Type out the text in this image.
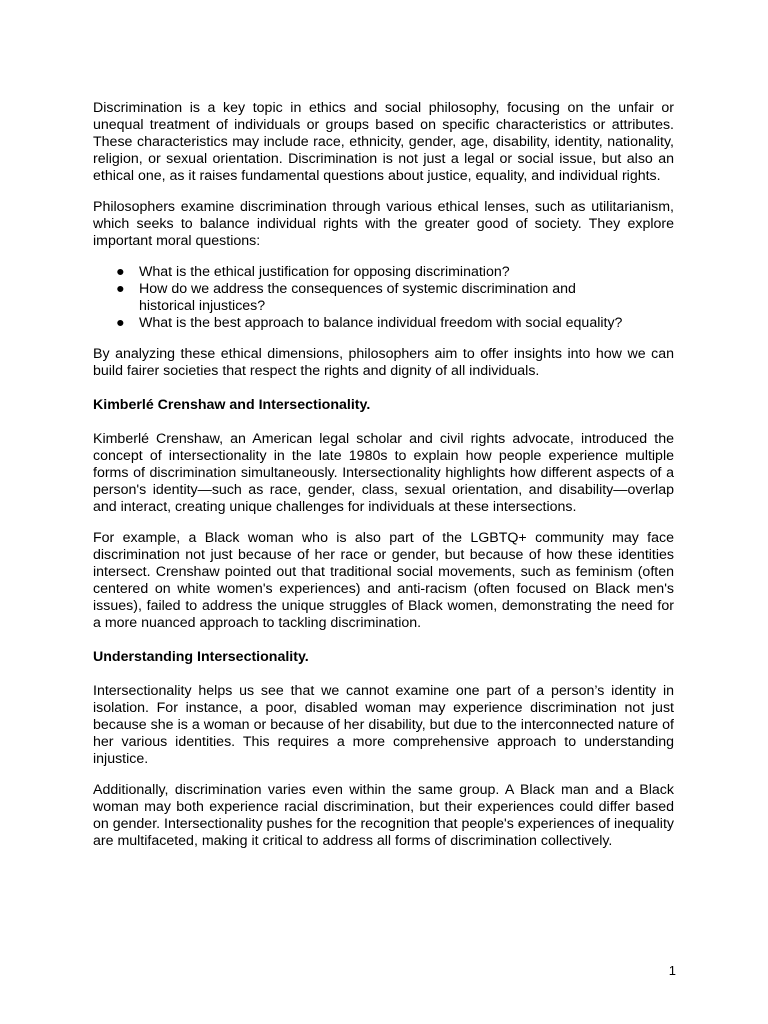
Discrimination is a key topic in ethics and social philosophy, focusing on the unfair or unequal treatment of individuals or groups based on specific characteristics or attributes. These characteristics may include race, ethnicity, gender, age, disability, identity, nationality, religion, or sexual orientation. Discrimination is not just a legal or social issue, but also an ethical one, as it raises fundamental questions about justice, equality, and individual rights.

Philosophers examine discrimination through various ethical lenses, such as utilitarianism, which seeks to balance individual rights with the greater good of society. They explore important moral questions:

● What is the ethical justification for opposing discrimination?
● How do we address the consequences of systemic discrimination and historical injustices?
● What is the best approach to balance individual freedom with social equality?

By analyzing these ethical dimensions, philosophers aim to offer insights into how we can build fairer societies that respect the rights and dignity of all individuals.

Kimberlé Crenshaw and Intersectionality.

Kimberlé Crenshaw, an American legal scholar and civil rights advocate, introduced the concept of intersectionality in the late 1980s to explain how people experience multiple forms of discrimination simultaneously. Intersectionality highlights how different aspects of a person's identity—such as race, gender, class, sexual orientation, and disability—overlap and interact, creating unique challenges for individuals at these intersections.

For example, a Black woman who is also part of the LGBTQ+ community may face discrimination not just because of her race or gender, but because of how these identities intersect. Crenshaw pointed out that traditional social movements, such as feminism (often centered on white women's experiences) and anti-racism (often focused on Black men's issues), failed to address the unique struggles of Black women, demonstrating the need for a more nuanced approach to tackling discrimination.

Understanding Intersectionality.

Intersectionality helps us see that we cannot examine one part of a person’s identity in isolation. For instance, a poor, disabled woman may experience discrimination not just because she is a woman or because of her disability, but due to the interconnected nature of her various identities. This requires a more comprehensive approach to understanding injustice.

Additionally, discrimination varies even within the same group. A Black man and a Black woman may both experience racial discrimination, but their experiences could differ based on gender. Intersectionality pushes for the recognition that people's experiences of inequality are multifaceted, making it critical to address all forms of discrimination collectively.

1
